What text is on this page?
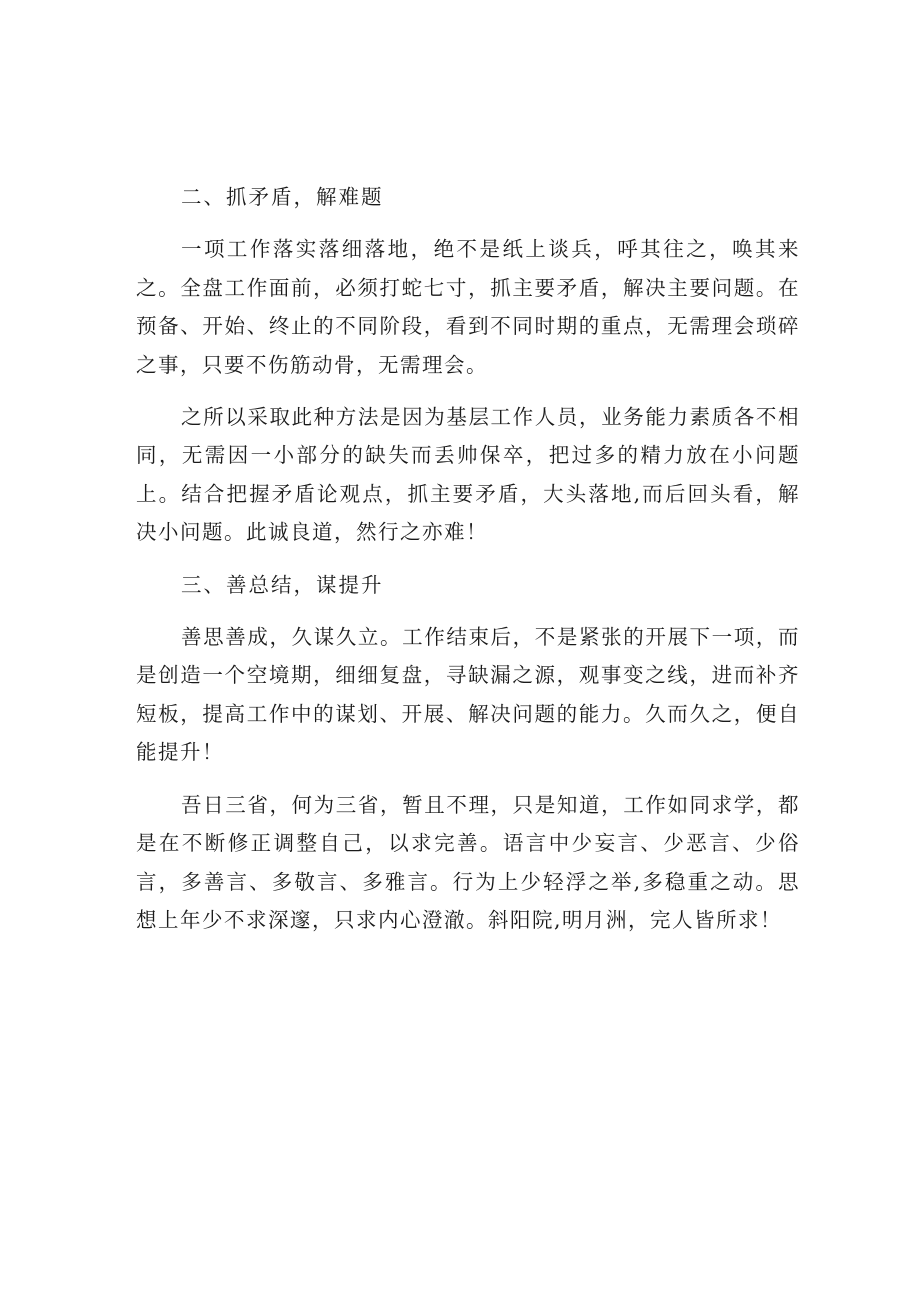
二、抓矛盾，解难题

一项工作落实落细落地，绝不是纸上谈兵，呼其往之，唤其来之。全盘工作面前，必须打蛇七寸，抓主要矛盾，解决主要问题。在预备、开始、终止的不同阶段，看到不同时期的重点，无需理会琐碎之事，只要不伤筋动骨，无需理会。

之所以采取此种方法是因为基层工作人员，业务能力素质各不相同，无需因一小部分的缺失而丢帅保卒，把过多的精力放在小问题上。结合把握矛盾论观点，抓主要矛盾，大头落地,而后回头看，解决小问题。此诚良道，然行之亦难！

三、善总结，谋提升

善思善成，久谋久立。工作结束后，不是紧张的开展下一项，而是创造一个空境期，细细复盘，寻缺漏之源，观事变之线，进而补齐短板，提高工作中的谋划、开展、解决问题的能力。久而久之，便自能提升！

吾日三省，何为三省，暂且不理，只是知道，工作如同求学，都是在不断修正调整自己，以求完善。语言中少妄言、少恶言、少俗言，多善言、多敬言、多雅言。行为上少轻浮之举,多稳重之动。思想上年少不求深邃，只求内心澄澈。斜阳院,明月洲，完人皆所求！
